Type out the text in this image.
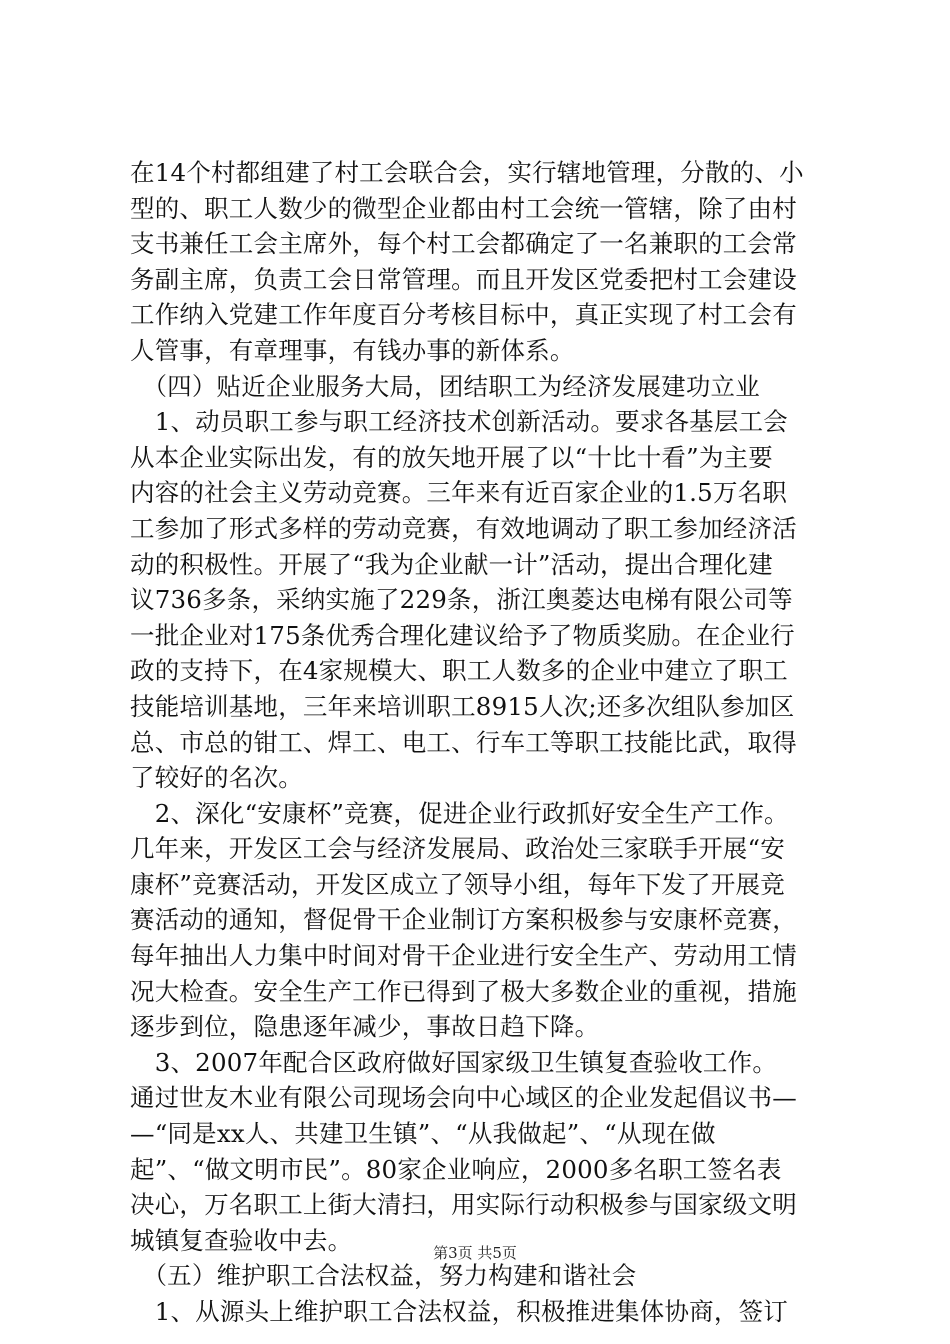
在14个村都组建了村工会联合会，实行辖地管理，分散的、小
型的、职工人数少的微型企业都由村工会统一管辖，除了由村
支书兼任工会主席外，每个村工会都确定了一名兼职的工会常
务副主席，负责工会日常管理。而且开发区党委把村工会建设
工作纳入党建工作年度百分考核目标中，真正实现了村工会有
人管事，有章理事，有钱办事的新体系。
　（四）贴近企业服务大局，团结职工为经济发展建功立业
　1、动员职工参与职工经济技术创新活动。要求各基层工会
从本企业实际出发，有的放矢地开展了以“十比十看”为主要
内容的社会主义劳动竞赛。三年来有近百家企业的1.5万名职
工参加了形式多样的劳动竞赛，有效地调动了职工参加经济活
动的积极性。开展了“我为企业献一计”活动，提出合理化建
议736多条，采纳实施了229条，浙江奥菱达电梯有限公司等
一批企业对175条优秀合理化建议给予了物质奖励。在企业行
政的支持下，在4家规模大、职工人数多的企业中建立了职工
技能培训基地，三年来培训职工8915人次;还多次组队参加区
总、市总的钳工、焊工、电工、行车工等职工技能比武，取得
了较好的名次。
　2、深化“安康杯”竞赛，促进企业行政抓好安全生产工作。
几年来，开发区工会与经济发展局、政治处三家联手开展“安
康杯”竞赛活动，开发区成立了领导小组，每年下发了开展竞
赛活动的通知，督促骨干企业制订方案积极参与安康杯竞赛，
每年抽出人力集中时间对骨干企业进行安全生产、劳动用工情
况大检查。安全生产工作已得到了极大多数企业的重视，措施
逐步到位，隐患逐年减少，事故日趋下降。
　3、2007年配合区政府做好国家级卫生镇复查验收工作。
通过世友木业有限公司现场会向中心域区的企业发起倡议书—
—“同是xx人、共建卫生镇”、“从我做起”、“从现在做
起”、“做文明市民”。80家企业响应，2000多名职工签名表
决心，万名职工上街大清扫，用实际行动积极参与国家级文明
城镇复查验收中去。
　（五）维护职工合法权益，努力构建和谐社会
　1、从源头上维护职工合法权益，积极推进集体协商，签订
第3页 共5页
